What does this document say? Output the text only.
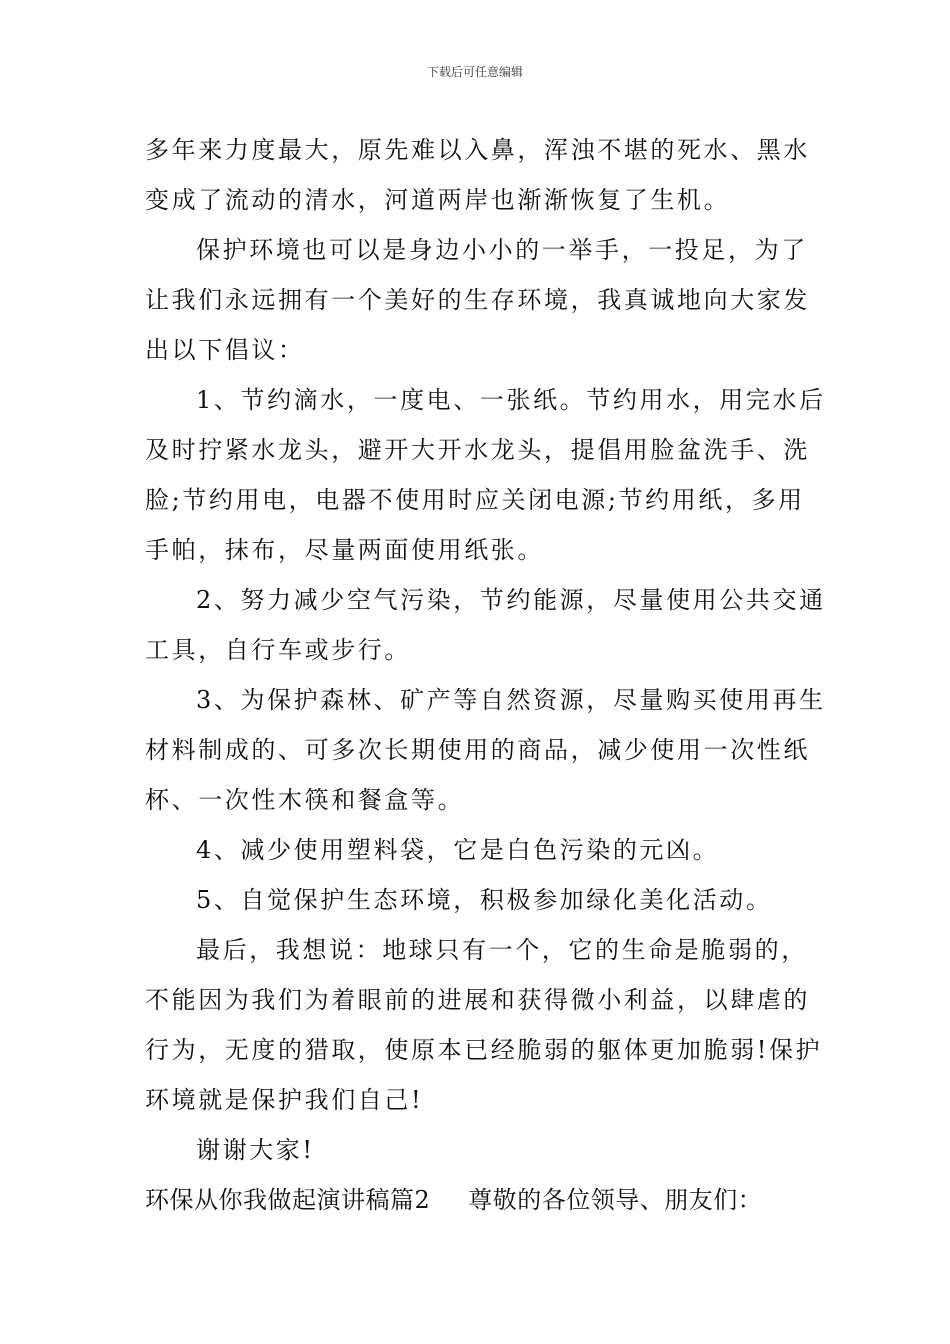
下载后可任意编辑
多年来力度最大，原先难以入鼻，浑浊不堪的死水、黑水
变成了流动的清水，河道两岸也渐渐恢复了生机。
保护环境也可以是身边小小的一举手，一投足，为了
让我们永远拥有一个美好的生存环境，我真诚地向大家发
出以下倡议：
1、节约滴水，一度电、一张纸。节约用水，用完水后
及时拧紧水龙头，避开大开水龙头，提倡用脸盆洗手、洗
脸;节约用电，电器不使用时应关闭电源;节约用纸，多用
手帕，抹布，尽量两面使用纸张。
2、努力减少空气污染，节约能源，尽量使用公共交通
工具，自行车或步行。
3、为保护森林、矿产等自然资源，尽量购买使用再生
材料制成的、可多次长期使用的商品，减少使用一次性纸
杯、一次性木筷和餐盒等。
4、减少使用塑料袋，它是白色污染的元凶。
5、自觉保护生态环境，积极参加绿化美化活动。
最后，我想说：地球只有一个，它的生命是脆弱的，
不能因为我们为着眼前的进展和获得微小利益，以肆虐的
行为，无度的猎取，使原本已经脆弱的躯体更加脆弱!保护
环境就是保护我们自己!
谢谢大家!
环保从你我做起演讲稿篇2 尊敬的各位领导、朋友们：
